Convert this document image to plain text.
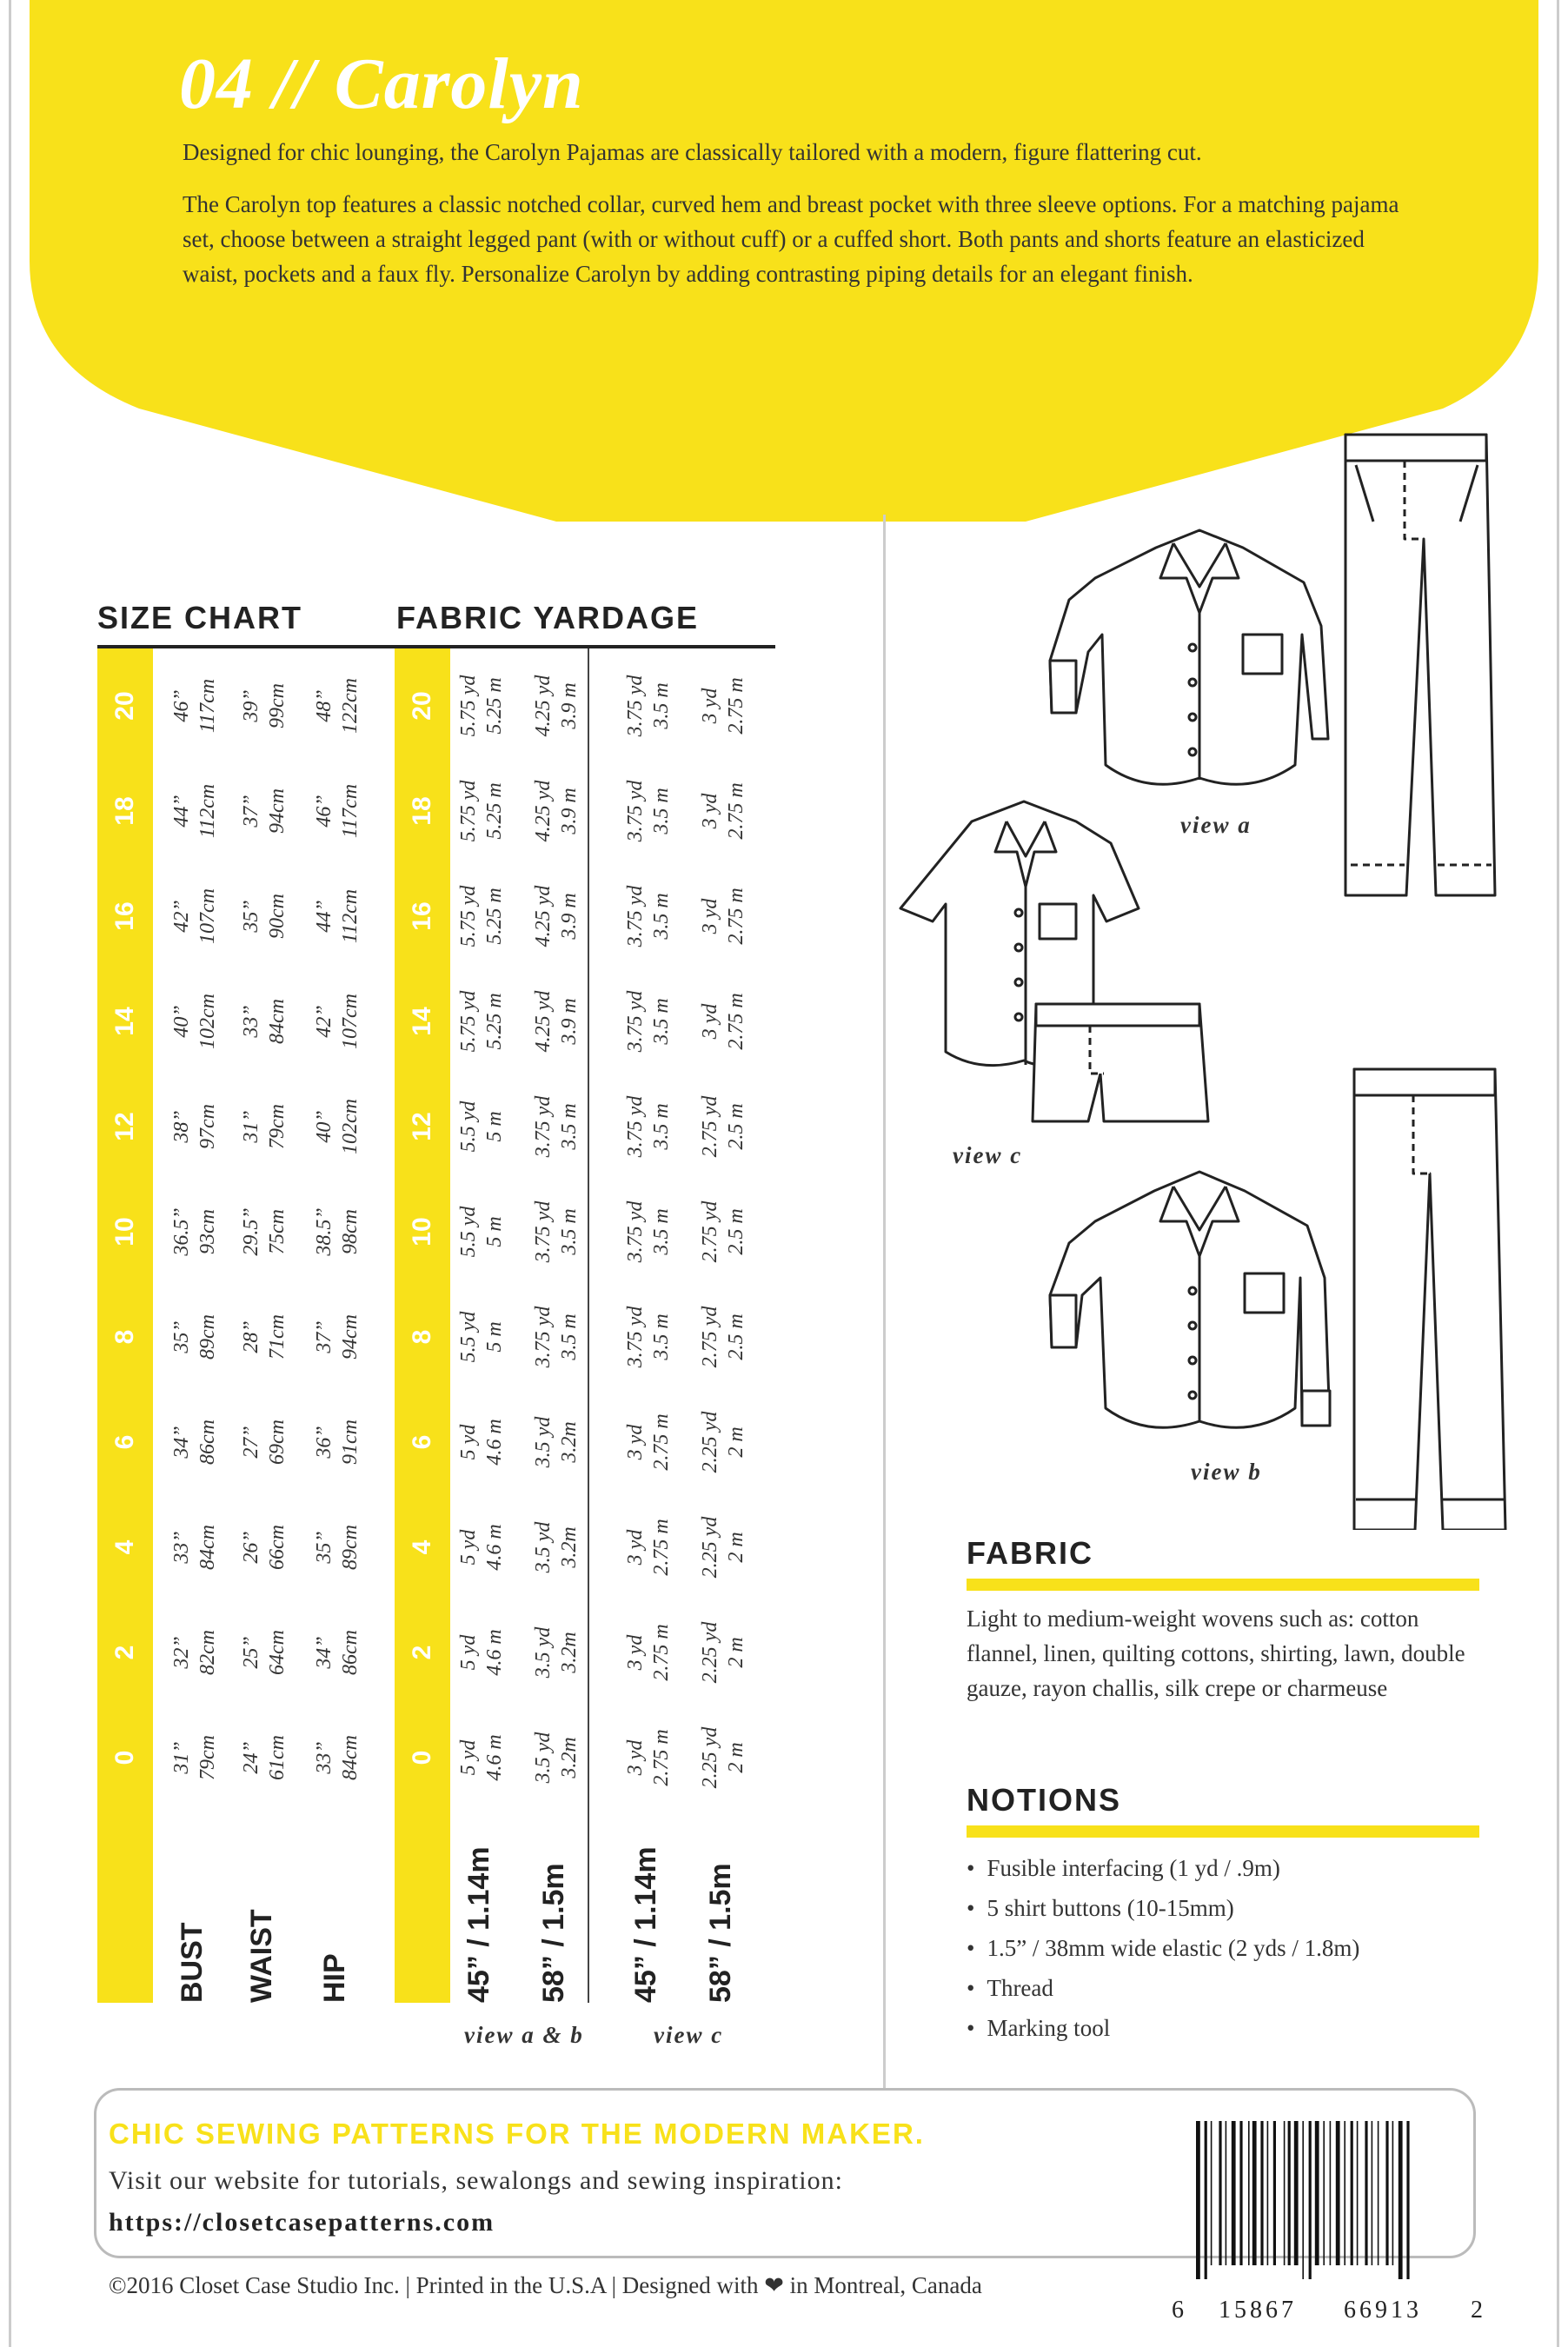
04 // Carolyn

Designed for chic lounging, the Carolyn Pajamas are classically tailored with a modern, figure flattering cut.

The Carolyn top features a classic notched collar, curved hem and breast pocket with three sleeve options. For a matching pajama set, choose between a straight legged pant (with or without cuff) or a cuffed short. Both pants and shorts feature an elasticized waist, pockets and a faux fly. Personalize Carolyn by adding contrasting piping details for an elegant finish.

SIZE CHART	FABRIC YARDAGE
0
2
4
6
8
10
12
14
16
18
20
0
2
4
6
8
10
12
14
16
18
20
BUST
31” 79cm
32” 82cm
33” 84cm
34” 86cm
35” 89cm
36.5” 93cm
38” 97cm
40” 102cm
42” 107cm
44” 112cm
46” 117cm
WAIST
24” 61cm
25” 64cm
26” 66cm
27” 69cm
28” 71cm
29.5” 75cm
31” 79cm
33” 84cm
35” 90cm
37” 94cm
39” 99cm
HIP
33” 84cm
34” 86cm
35” 89cm
36” 91cm
37” 94cm
38.5” 98cm
40” 102cm
42” 107cm
44” 112cm
46” 117cm
48” 122cm
45” / 1.14m
5 yd 4.6 m
5 yd 4.6 m
5 yd 4.6 m
5 yd 4.6 m
5.5 yd 5 m
5.5 yd 5 m
5.5 yd 5 m
5.75 yd 5.25 m
5.75 yd 5.25 m
5.75 yd 5.25 m
5.75 yd 5.25 m
58” / 1.5m
3.5 yd 3.2m
3.5 yd 3.2m
3.5 yd 3.2m
3.5 yd 3.2m
3.75 yd 3.5 m
3.75 yd 3.5 m
3.75 yd 3.5 m
4.25 yd 3.9 m
4.25 yd 3.9 m
4.25 yd 3.9 m
4.25 yd 3.9 m
45” / 1.14m
3 yd 2.75 m
3 yd 2.75 m
3 yd 2.75 m
3 yd 2.75 m
3.75 yd 3.5 m
3.75 yd 3.5 m
3.75 yd 3.5 m
3.75 yd 3.5 m
3.75 yd 3.5 m
3.75 yd 3.5 m
3.75 yd 3.5 m
58” / 1.5m
2.25 yd 2 m
2.25 yd 2 m
2.25 yd 2 m
2.25 yd 2 m
2.75 yd 2.5 m
2.75 yd 2.5 m
2.75 yd 2.5 m
3 yd 2.75 m
3 yd 2.75 m
3 yd 2.75 m
3 yd 2.75 m
view a & b	view c
view a
view c
view b
FABRIC
Light to medium-weight wovens such as: cotton flannel, linen, quilting cottons, shirting, lawn, double gauze, rayon challis, silk crepe or charmeuse
NOTIONS
• Fusible interfacing (1 yd / .9m)
• 5 shirt buttons (10-15mm)
• 1.5” / 38mm wide elastic (2 yds / 1.8m)
• Thread
• Marking tool
CHIC SEWING PATTERNS FOR THE MODERN MAKER.
Visit our website for tutorials, sewalongs and sewing inspiration:
https://closetcasepatterns.com
©2016 Closet Case Studio Inc. | Printed in the U.S.A | Designed with ❤ in Montreal, Canada
6 15867 66913 2
